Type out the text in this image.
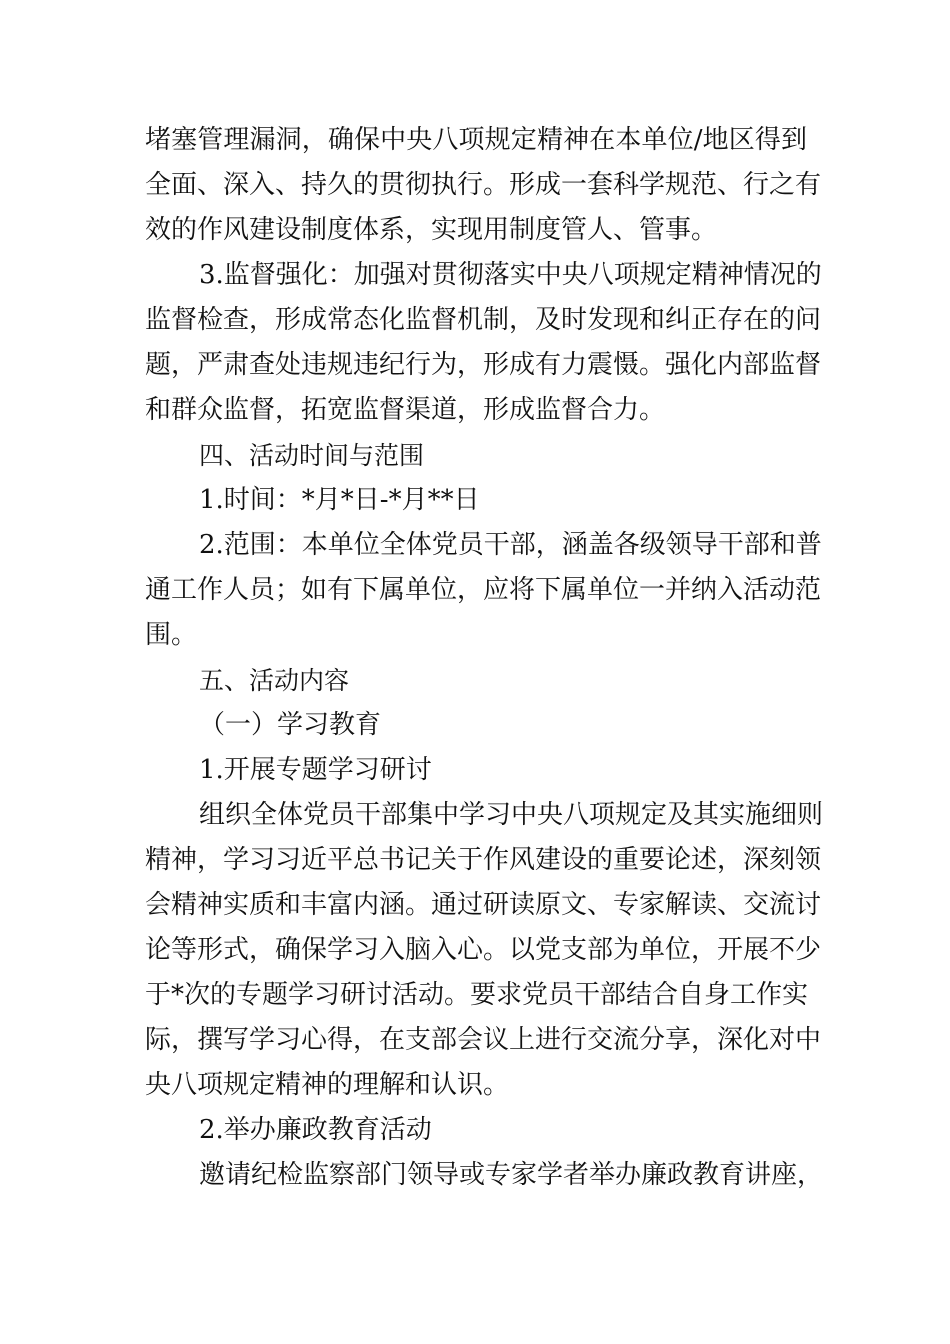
堵塞管理漏洞，确保中央八项规定精神在本单位/地区得到
全面、深入、持久的贯彻执行。形成一套科学规范、行之有
效的作风建设制度体系，实现用制度管人、管事。
3.监督强化：加强对贯彻落实中央八项规定精神情况的
监督检查，形成常态化监督机制，及时发现和纠正存在的问
题，严肃查处违规违纪行为，形成有力震慑。强化内部监督
和群众监督，拓宽监督渠道，形成监督合力。
四、活动时间与范围
1.时间：*月*日-*月**日
2.范围：本单位全体党员干部，涵盖各级领导干部和普
通工作人员；如有下属单位，应将下属单位一并纳入活动范
围。
五、活动内容
（一）学习教育
1.开展专题学习研讨
组织全体党员干部集中学习中央八项规定及其实施细则
精神，学习习近平总书记关于作风建设的重要论述，深刻领
会精神实质和丰富内涵。通过研读原文、专家解读、交流讨
论等形式，确保学习入脑入心。以党支部为单位，开展不少
于*次的专题学习研讨活动。要求党员干部结合自身工作实
际，撰写学习心得，在支部会议上进行交流分享，深化对中
央八项规定精神的理解和认识。
2.举办廉政教育活动
邀请纪检监察部门领导或专家学者举办廉政教育讲座，
